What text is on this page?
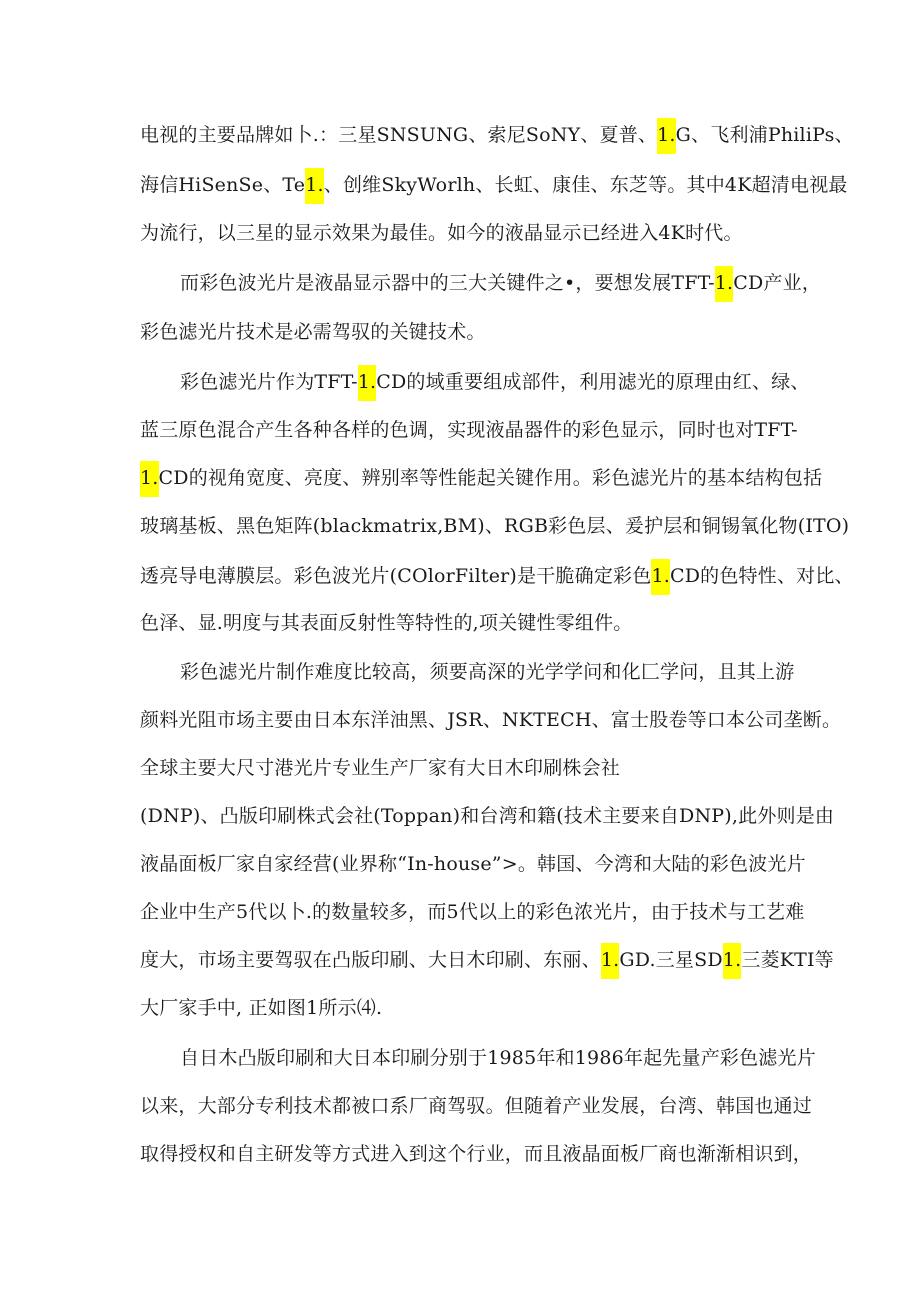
电视的主要品牌如卜.：三星SNSUNG、索尼SoNY、夏普、1.G、飞利浦PhiliPs、
海信HiSenSe、Te1.、创维SkyWorlh、长虹、康佳、东芝等。其中4K超清电视最
为流行，以三星的显示效果为最佳。如今的液晶显示已经进入4K时代。
而彩色波光片是液晶显示器中的三大关键件之•，要想发展TFT-1.CD产业，
彩色滤光片技术是必需驾驭的关键技术。
彩色滤光片作为TFT-1.CD的域重要组成部件，利用滤光的原理由红、绿、
蓝三原色混合产生各种各样的色调，实现液晶器件的彩色显示，同时也对TFT-
1.CD的视角宽度、亮度、辨别率等性能起关键作用。彩色滤光片的基本结构包括
玻璃基板、黑色矩阵(blackmatrix,BM)、RGB彩色层、爰护层和铜锡氧化物(ITO)
透亮导电薄膜层。彩色波光片(COlorFilter)是干脆确定彩色1.CD的色特性、对比、
色泽、显.明度与其表面反射性等特性的,项关键性零组件。
彩色滤光片制作难度比较高，须要高深的光学学问和化匚学问，且其上游
颜料光阻市场主要由日本东洋油黑、JSR、NKTECH、富士股卷等口本公司垄断。
全球主要大尺寸港光片专业生产厂家有大日木印刷株会社
(DNP)、凸版印刷株式会社(Toppan)和台湾和籍(技术主要来自DNP),此外则是由
液晶面板厂家自家经营(业界称“In-house”>。韩国、今湾和大陆的彩色波光片
企业中生产5代以卜.的数量较多，而5代以上的彩色浓光片，由于技术与工艺难
度大，市场主要驾驭在凸版印刷、大日木印刷、东丽、1.GD.三星SD1.三菱KTI等
大厂家手中, 正如图1所示⑷.
自日木凸版印刷和大日本印刷分别于1985年和1986年起先量产彩色滤光片
以来，大部分专利技术都被口系厂商驾驭。但随着产业发展，台湾、韩国也通过
取得授权和自主研发等方式进入到这个行业，而且液晶面板厂商也渐渐相识到，
